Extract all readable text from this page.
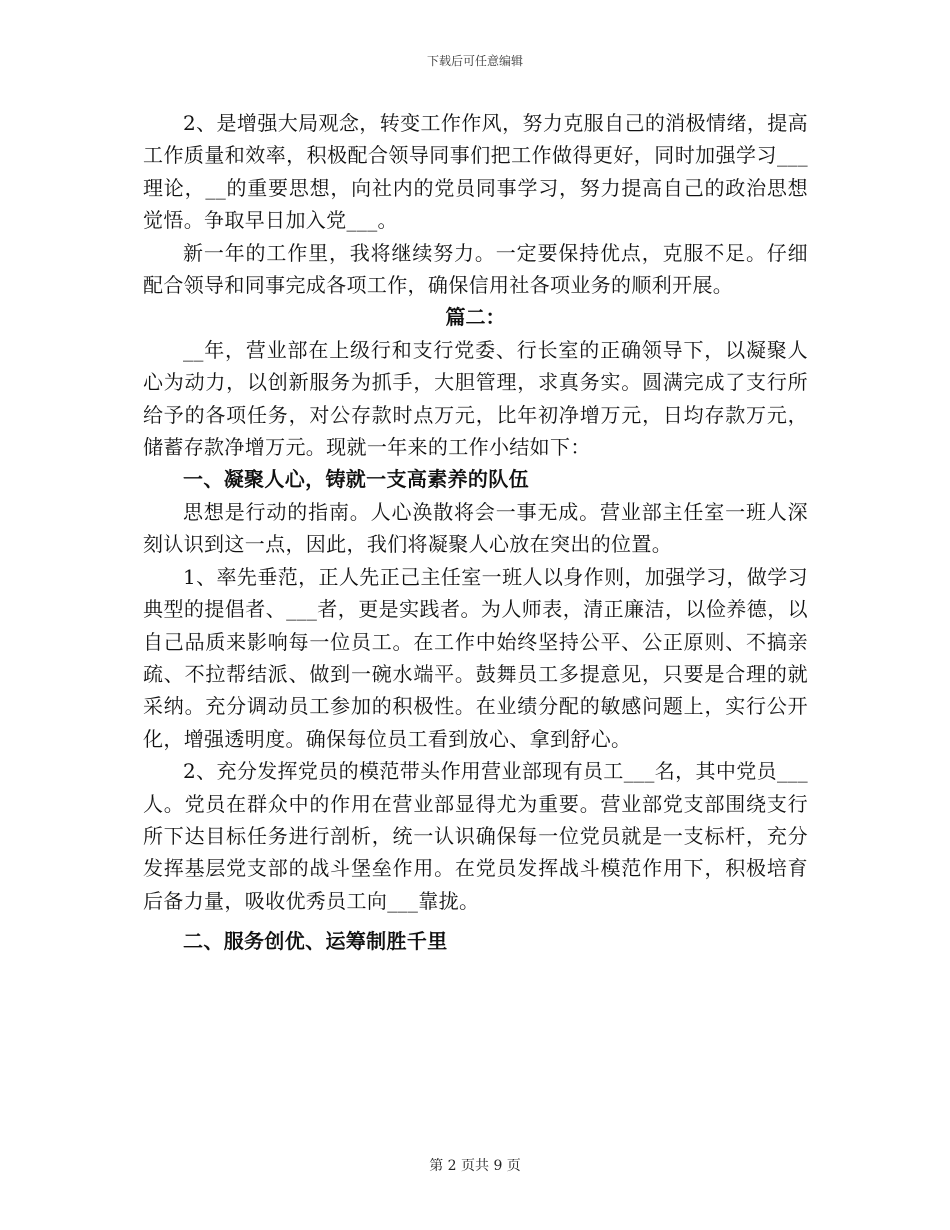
下载后可任意编辑

2、是增强大局观念，转变工作作风，努力克服自己的消极情绪，提高工作质量和效率，积极配合领导同事们把工作做得更好，同时加强学习___理论，__的重要思想，向社内的党员同事学习，努力提高自己的政治思想觉悟。争取早日加入党___。

新一年的工作里，我将继续努力。一定要保持优点，克服不足。仔细配合领导和同事完成各项工作，确保信用社各项业务的顺利开展。

篇二：

__年，营业部在上级行和支行党委、行长室的正确领导下，以凝聚人心为动力，以创新服务为抓手，大胆管理，求真务实。圆满完成了支行所给予的各项任务，对公存款时点万元，比年初净增万元，日均存款万元，储蓄存款净增万元。现就一年来的工作小结如下：

一、凝聚人心，铸就一支高素养的队伍

思想是行动的指南。人心涣散将会一事无成。营业部主任室一班人深刻认识到这一点，因此，我们将凝聚人心放在突出的位置。

1、率先垂范，正人先正己主任室一班人以身作则，加强学习，做学习典型的提倡者、___者，更是实践者。为人师表，清正廉洁，以俭养德，以自己品质来影响每一位员工。在工作中始终坚持公平、公正原则、不搞亲疏、不拉帮结派、做到一碗水端平。鼓舞员工多提意见，只要是合理的就采纳。充分调动员工参加的积极性。在业绩分配的敏感问题上，实行公开化，增强透明度。确保每位员工看到放心、拿到舒心。

2、充分发挥党员的模范带头作用营业部现有员工___名，其中党员___人。党员在群众中的作用在营业部显得尤为重要。营业部党支部围绕支行所下达目标任务进行剖析，统一认识确保每一位党员就是一支标杆，充分发挥基层党支部的战斗堡垒作用。在党员发挥战斗模范作用下，积极培育后备力量，吸收优秀员工向___靠拢。

二、服务创优、运筹制胜千里

第 2 页共 9 页
